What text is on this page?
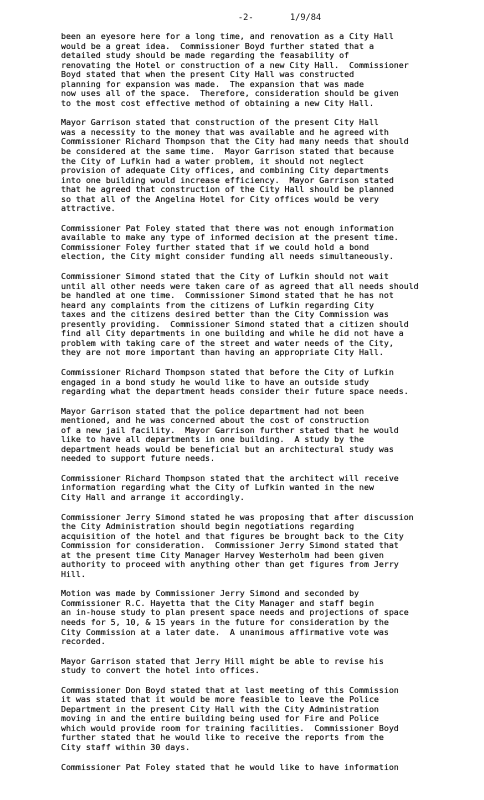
-2-	1/9/84
been an eyesore here for a long time, and renovation as a City Hall
would be a great idea.  Commissioner Boyd further stated that a
detailed study should be made regarding the feasability of
renovating the Hotel or construction of a new City Hall.  Commissioner
Boyd stated that when the present City Hall was constructed
planning for expansion was made.  The expansion that was made
now uses all of the space.  Therefore, consideration should be given
to the most cost effective method of obtaining a new City Hall.
Mayor Garrison stated that construction of the present City Hall
was a necessity to the money that was available and he agreed with
Commissioner Richard Thompson that the City had many needs that should
be considered at the same time.  Mayor Garrison stated that because
the City of Lufkin had a water problem, it should not neglect
provision of adequate City offices, and combining City departments
into one building would increase efficiency.  Mayor Garrison stated
that he agreed that construction of the City Hall should be planned
so that all of the Angelina Hotel for City offices would be very
attractive.
Commissioner Pat Foley stated that there was not enough information
available to make any type of informed decision at the present time.
Commissioner Foley further stated that if we could hold a bond
election, the City might consider funding all needs simultaneously.
Commissioner Simond stated that the City of Lufkin should not wait
until all other needs were taken care of as agreed that all needs should
be handled at one time.  Commissioner Simond stated that he has not
heard any complaints from the citizens of Lufkin regarding City
taxes and the citizens desired better than the City Commission was
presently providing.  Commissioner Simond stated that a citizen should
find all City departments in one building and while he did not have a
problem with taking care of the street and water needs of the City,
they are not more important than having an appropriate City Hall.
Commissioner Richard Thompson stated that before the City of Lufkin
engaged in a bond study he would like to have an outside study
regarding what the department heads consider their future space needs.
Mayor Garrison stated that the police department had not been
mentioned, and he was concerned about the cost of construction
of a new jail facility.  Mayor Garrison further stated that he would
like to have all departments in one building.  A study by the
department heads would be beneficial but an architectural study was
needed to support future needs.
Commissioner Richard Thompson stated that the architect will receive
information regarding what the City of Lufkin wanted in the new
City Hall and arrange it accordingly.
Commissioner Jerry Simond stated he was proposing that after discussion
the City Administration should begin negotiations regarding
acquisition of the hotel and that figures be brought back to the City
Commission for consideration.  Commissioner Jerry Simond stated that
at the present time City Manager Harvey Westerholm had been given
authority to proceed with anything other than get figures from Jerry
Hill.
Motion was made by Commissioner Jerry Simond and seconded by
Commissioner R.C. Hayetta that the City Manager and staff begin
an in-house study to plan present space needs and projections of space
needs for 5, 10, & 15 years in the future for consideration by the
City Commission at a later date.  A unanimous affirmative vote was
recorded.
Mayor Garrison stated that Jerry Hill might be able to revise his
study to convert the hotel into offices.
Commissioner Don Boyd stated that at last meeting of this Commission
it was stated that it would be more feasible to leave the Police
Department in the present City Hall with the City Administration
moving in and the entire building being used for Fire and Police
which would provide room for training facilities.  Commissioner Boyd
further stated that he would like to receive the reports from the
City staff within 30 days.
Commissioner Pat Foley stated that he would like to have information
